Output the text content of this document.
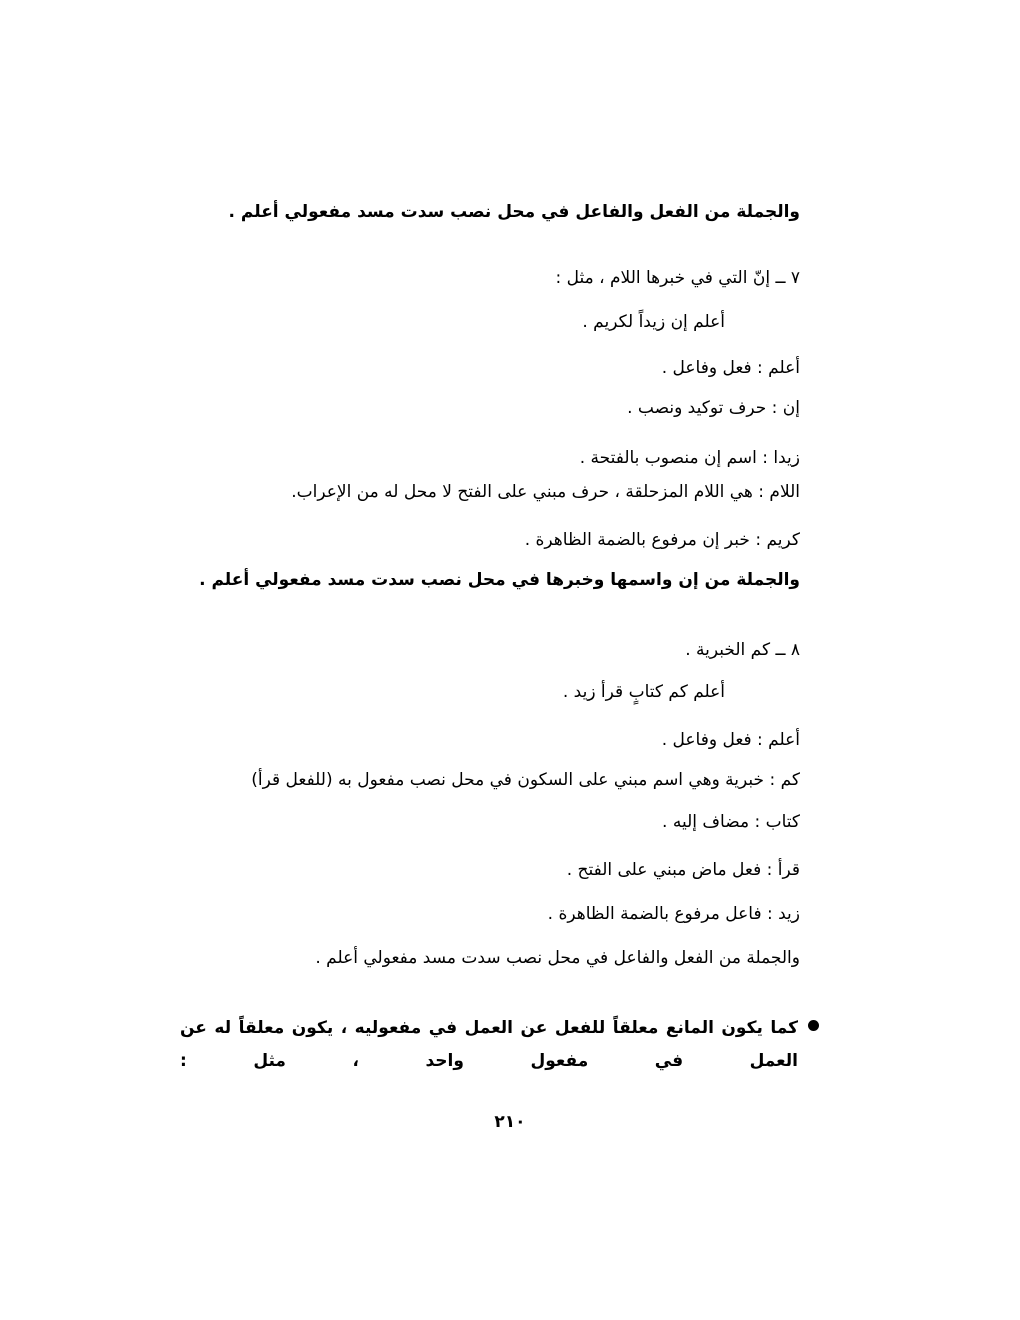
والجملة من الفعل والفاعل في محل نصب سدت مسد مفعولي أعلم .
٧ ــ إنّ التي في خبرها اللام ، مثل :
أعلم إن زيداً لكريم .
أعلم : فعل وفاعل .
إن : حرف توكيد ونصب .
زيدا : اسم إن منصوب بالفتحة .
اللام : هي اللام المزحلقة ، حرف مبني على الفتح لا محل له من الإعراب.
كريم : خبر إن مرفوع بالضمة الظاهرة .
والجملة من إن واسمها وخبرها في محل نصب سدت مسد مفعولي أعلم .
٨ ــ كم الخبرية .
أعلم كم كتابٍ قرأ زيد .
أعلم : فعل وفاعل .
كم : خبرية وهي اسم مبني على السكون في محل نصب مفعول به (للفعل قرأ)
كتاب : مضاف إليه .
قرأ : فعل ماض مبني على الفتح .
زيد : فاعل مرفوع بالضمة الظاهرة .
والجملة من الفعل والفاعل في محل نصب سدت مسد مفعولي أعلم .
كما يكون المانع معلقاً للفعل عن العمل في مفعوليه ، يكون معلقاً له عن العمل في مفعول واحد ، مثل :
٢١٠
